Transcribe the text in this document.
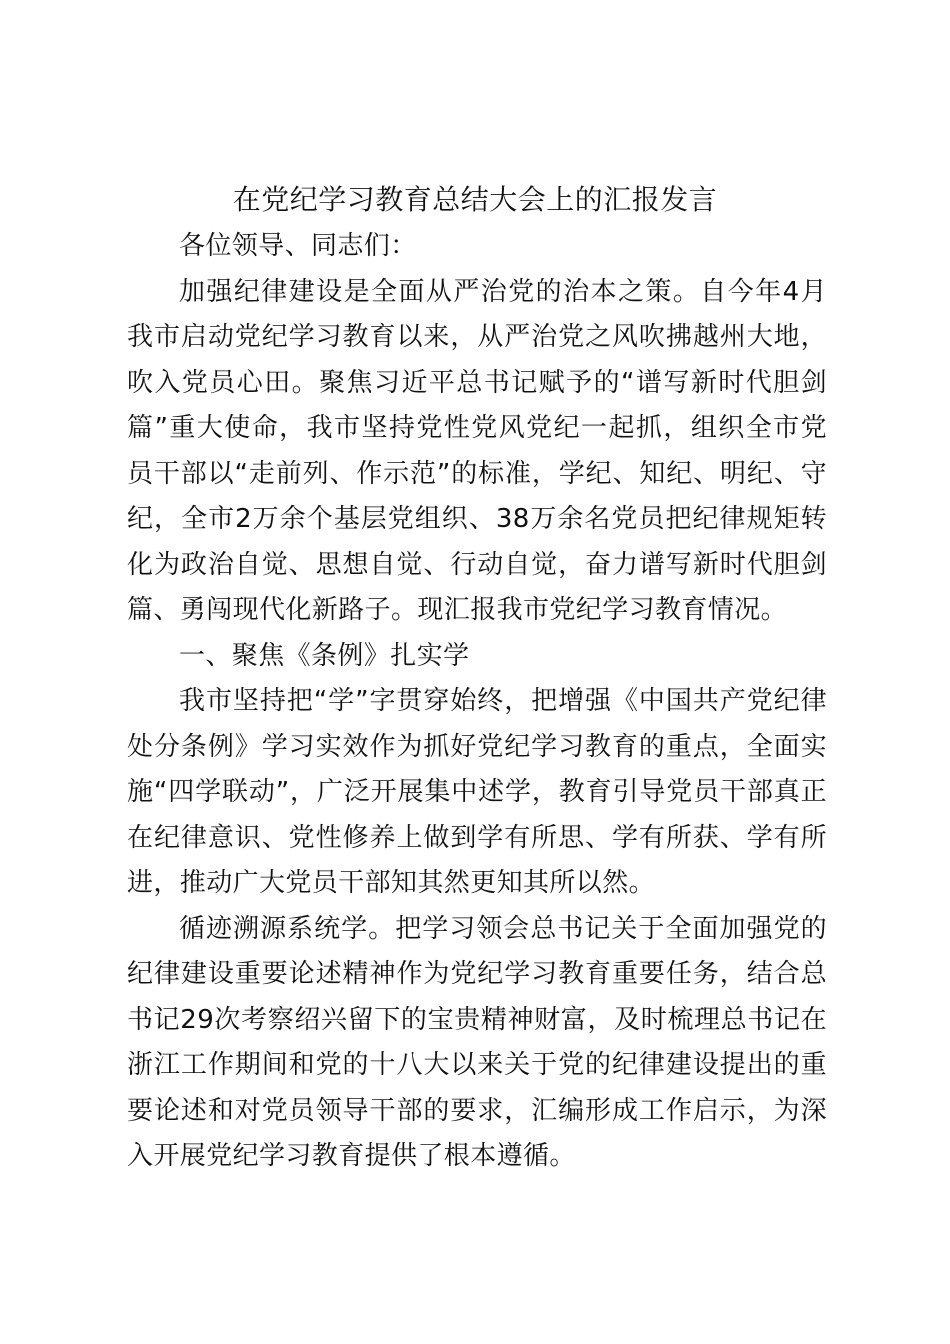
在党纪学习教育总结大会上的汇报发言

各位领导、同志们：

加强纪律建设是全面从严治党的治本之策。自今年4月我市启动党纪学习教育以来，从严治党之风吹拂越州大地，吹入党员心田。聚焦习近平总书记赋予的“谱写新时代胆剑篇”重大使命，我市坚持党性党风党纪一起抓，组织全市党员干部以“走前列、作示范”的标准，学纪、知纪、明纪、守纪，全市2万余个基层党组织、38万余名党员把纪律规矩转化为政治自觉、思想自觉、行动自觉，奋力谱写新时代胆剑篇、勇闯现代化新路子。现汇报我市党纪学习教育情况。

一、聚焦《条例》扎实学

我市坚持把“学”字贯穿始终，把增强《中国共产党纪律处分条例》学习实效作为抓好党纪学习教育的重点，全面实施“四学联动”，广泛开展集中述学，教育引导党员干部真正在纪律意识、党性修养上做到学有所思、学有所获、学有所进，推动广大党员干部知其然更知其所以然。

循迹溯源系统学。把学习领会总书记关于全面加强党的纪律建设重要论述精神作为党纪学习教育重要任务，结合总书记29次考察绍兴留下的宝贵精神财富，及时梳理总书记在浙江工作期间和党的十八大以来关于党的纪律建设提出的重要论述和对党员领导干部的要求，汇编形成工作启示，为深入开展党纪学习教育提供了根本遵循。
